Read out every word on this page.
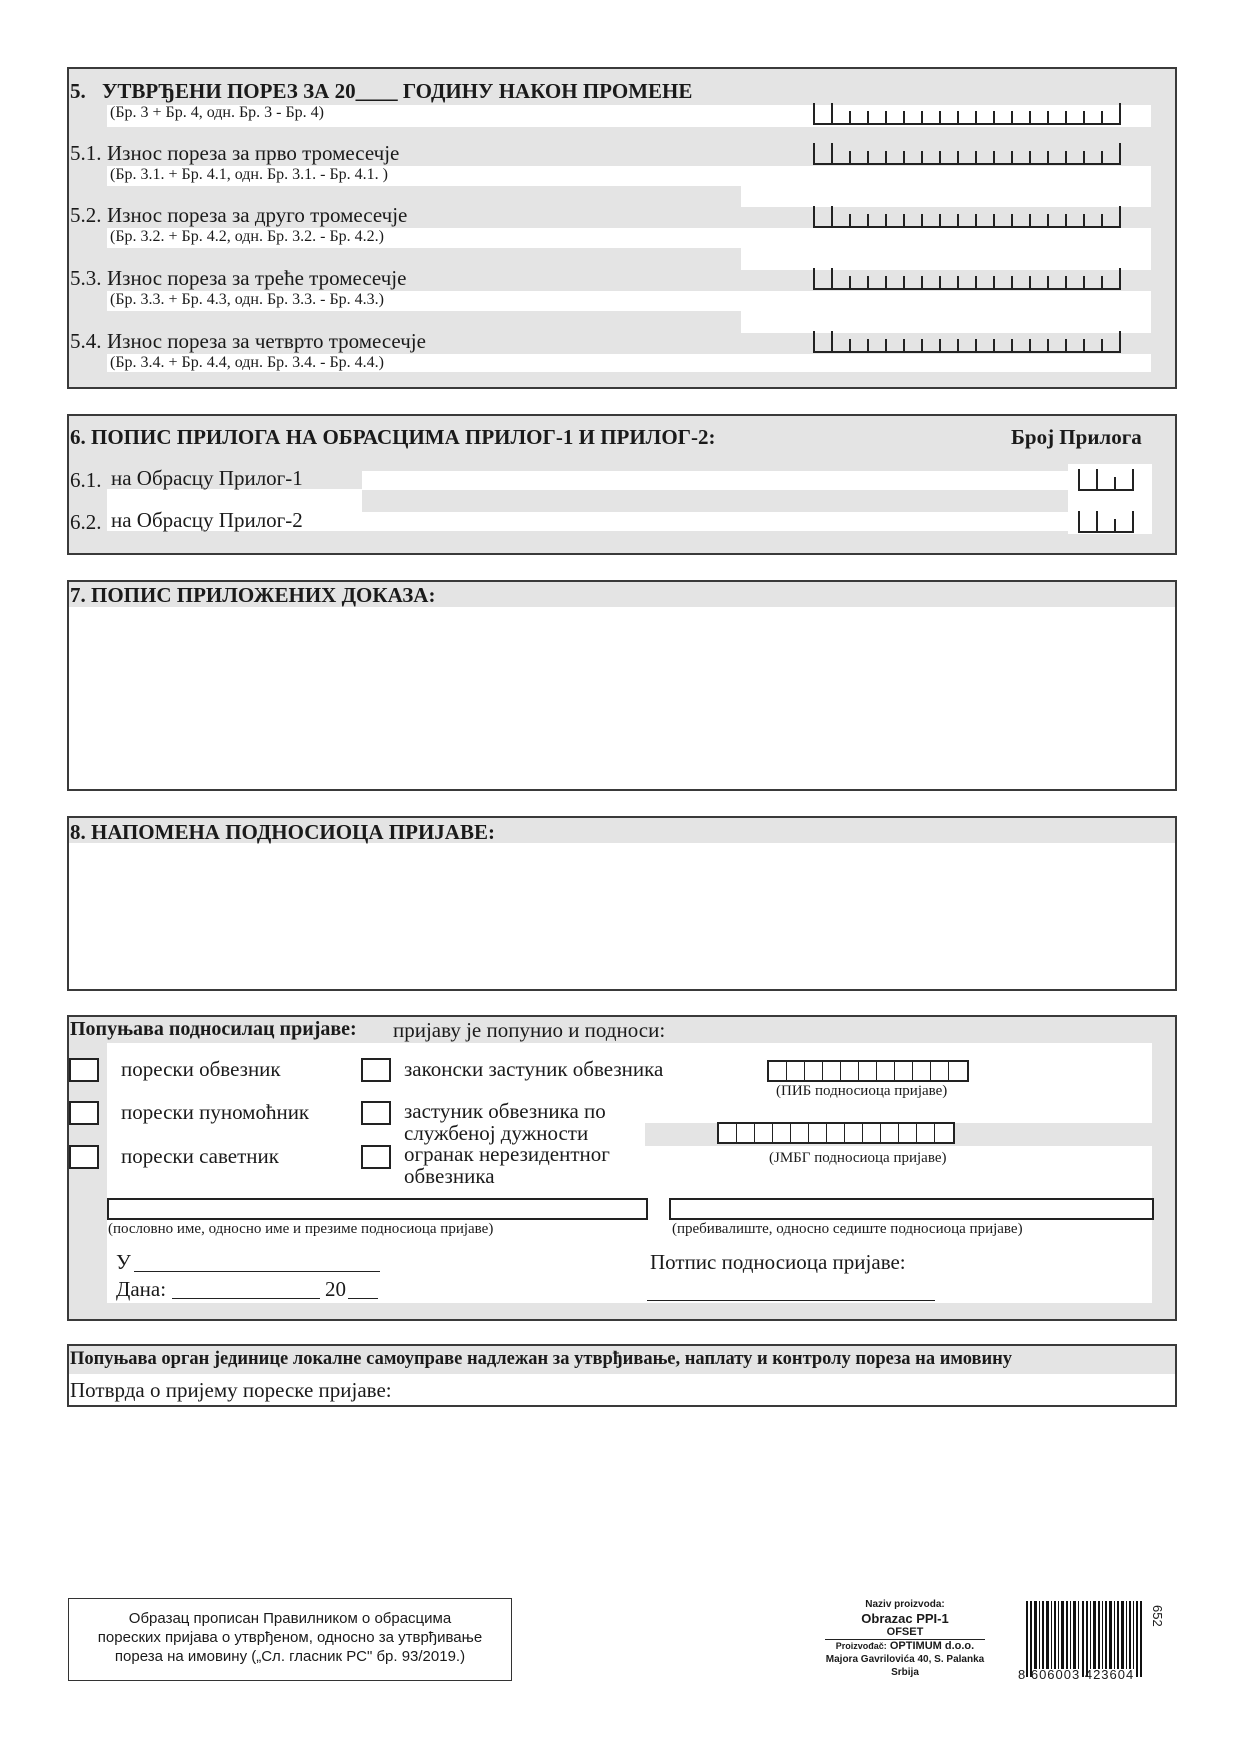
5. УТВРЂЕНИ ПОРЕЗ ЗА 20____ ГОДИНУ НАКОН ПРОМЕНЕ
(Бр. 3 + Бр. 4, одн. Бр. 3 - Бр. 4)
5.1. Износ пореза за прво тромесечје
(Бр. 3.1. + Бр. 4.1, одн. Бр. 3.1. - Бр. 4.1. )
5.2. Износ пореза за друго тромесечје
(Бр. 3.2. + Бр. 4.2, одн. Бр. 3.2. - Бр. 4.2.)
5.3. Износ пореза за треће тромесечје
(Бр. 3.3. + Бр. 4.3, одн. Бр. 3.3. - Бр. 4.3.)
5.4. Износ пореза за четврто тромесечје
(Бр. 3.4. + Бр. 4.4, одн. Бр. 3.4. - Бр. 4.4.)
6. ПОПИС ПРИЛОГА НА ОБРАСЦИМА ПРИЛОГ-1 И ПРИЛОГ-2:	Број Прилога
6.1. на Обрасцу Прилог-1
6.2. на Обрасцу Прилог-2
7. ПОПИС ПРИЛОЖЕНИХ ДОКАЗА:
8. НАПОМЕНА ПОДНОСИОЦА ПРИЈАВЕ:
Попуњава подносилац пријаве: пријаву је попунио и подноси:
порески обвезник
порески пуномоћник
порески саветник
законски застуник обвезника
застуник обвезника по
службеној дужности
огранак нерезидентног
обвезника
(ПИБ подносиоца пријаве)
(ЈМБГ подносиоца пријаве)
(пословно име, односно име и презиме подносиоца пријаве)	(пребивалиште, односно седиште подносиоца пријаве)
У
Дана:	20
Потпис подносиоца пријаве:
Попуњава орган јединице локалне самоуправе надлежан за утврђивање, наплату и контролу пореза на имовину
Потврда о пријему пореске пријаве:
Образац прописан Правилником о обрасцима
пореских пријава о утврђеном, односно за утврђивање
пореза на имовину („Сл. гласник РС" бр. 93/2019.)
Naziv proizvoda:
Obrazac PPI-1
OFSET
Proizvođač: OPTIMUM d.o.o.
Majora Gavrilovića 40, S. Palanka
Srbija	8 606003 423604
652
